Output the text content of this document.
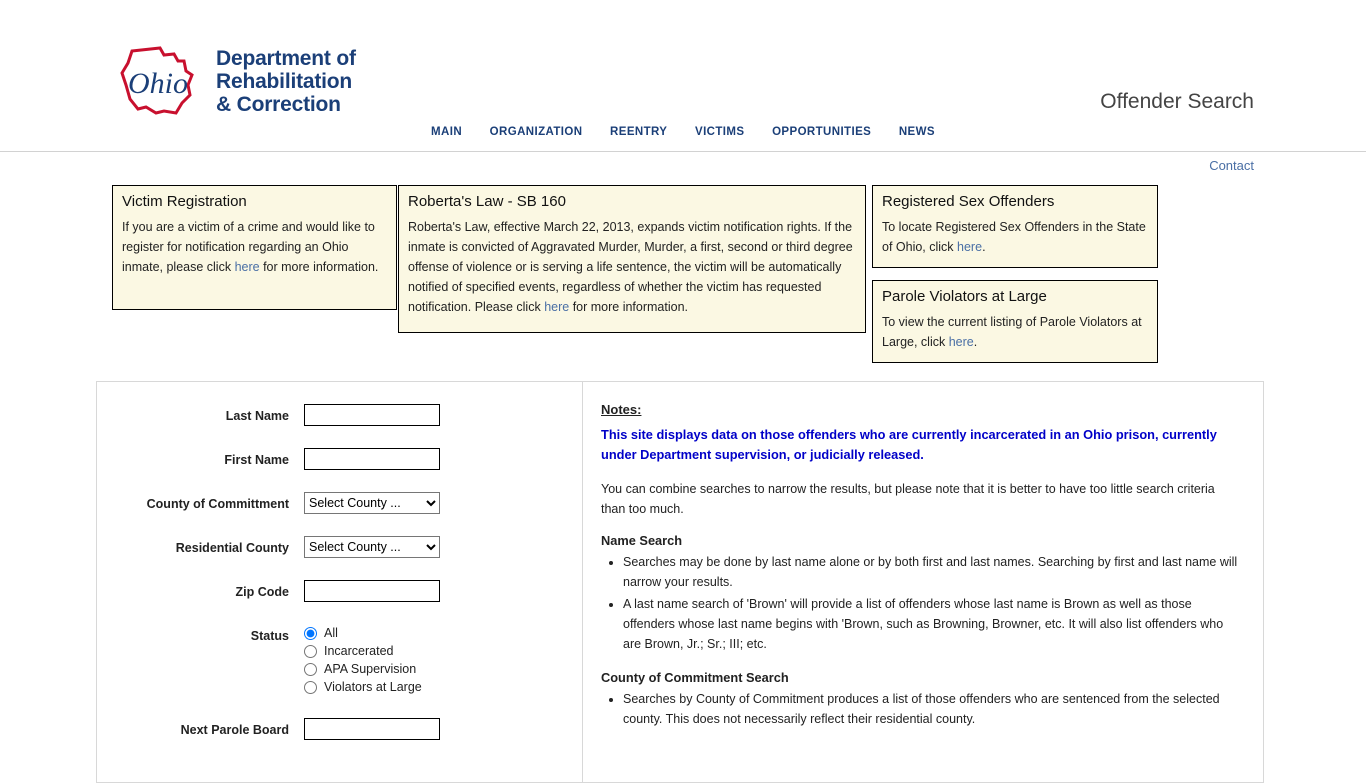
Ohio
Department of
Rehabilitation
& Correction	Offender Search
MAIN ORGANIZATION REENTRY VICTIMS OPPORTUNITIES NEWS
Contact
Victim Registration

If you are a victim of a crime and would like to register for notification regarding an Ohio inmate, please click here for more information.

Roberta's Law - SB 160

Roberta's Law, effective March 22, 2013, expands victim notification rights. If the inmate is convicted of Aggravated Murder, Murder, a first, second or third degree offense of violence or is serving a life sentence, the victim will be automatically notified of specified events, regardless of whether the victim has requested notification. Please click here for more information.

Registered Sex Offenders

To locate Registered Sex Offenders in the State of Ohio, click here.

Parole Violators at Large

To view the current listing of Parole Violators at Large, click here.

Last Name
First Name
County of Committment
Select County ...
Residential County
Select County ...
Zip Code
Status	All
Incarcerated
APA Supervision
Violators at Large
Next Parole Board
Notes:

This site displays data on those offenders who are currently incarcerated in an Ohio prison, currently under Department supervision, or judicially released.

You can combine searches to narrow the results, but please note that it is better to have too little search criteria than too much.

Name Search
• Searches may be done by last name alone or by both first and last names. Searching by first and last name will narrow your results.
• A last name search of 'Brown' will provide a list of offenders whose last name is Brown as well as those offenders whose last name begins with 'Brown, such as Browning, Browner, etc. It will also list offenders who are Brown, Jr.; Sr.; III; etc.
County of Commitment Search
• Searches by County of Commitment produces a list of those offenders who are sentenced from the selected county. This does not necessarily reflect their residential county.
